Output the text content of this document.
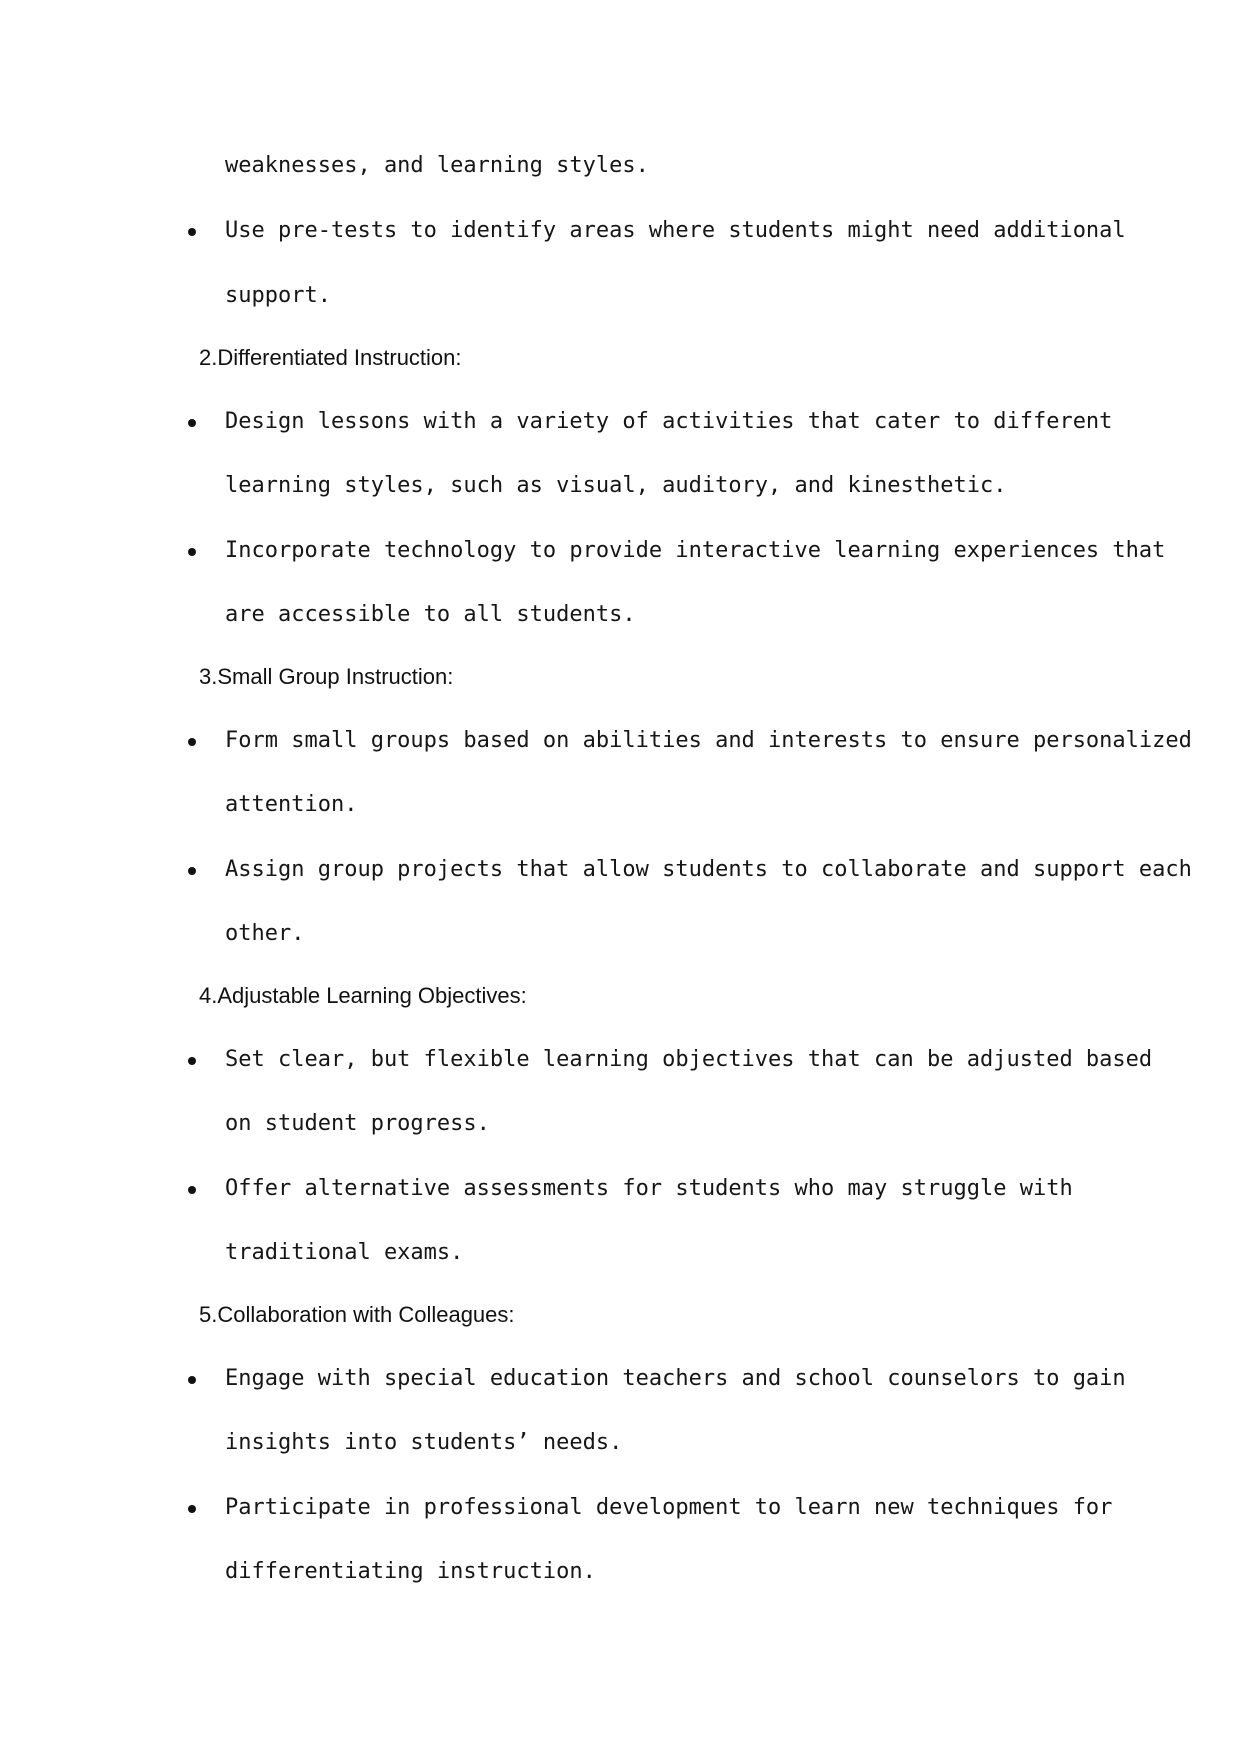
weaknesses, and learning styles.
Use pre-tests to identify areas where students might need additional
support.
2.Differentiated Instruction:
Design lessons with a variety of activities that cater to different
learning styles, such as visual, auditory, and kinesthetic.
Incorporate technology to provide interactive learning experiences that
are accessible to all students.
3.Small Group Instruction:
Form small groups based on abilities and interests to ensure personalized
attention.
Assign group projects that allow students to collaborate and support each
other.
4.Adjustable Learning Objectives:
Set clear, but flexible learning objectives that can be adjusted based
on student progress.
Offer alternative assessments for students who may struggle with
traditional exams.
5.Collaboration with Colleagues:
Engage with special education teachers and school counselors to gain
insights into students’ needs.
Participate in professional development to learn new techniques for
differentiating instruction.
